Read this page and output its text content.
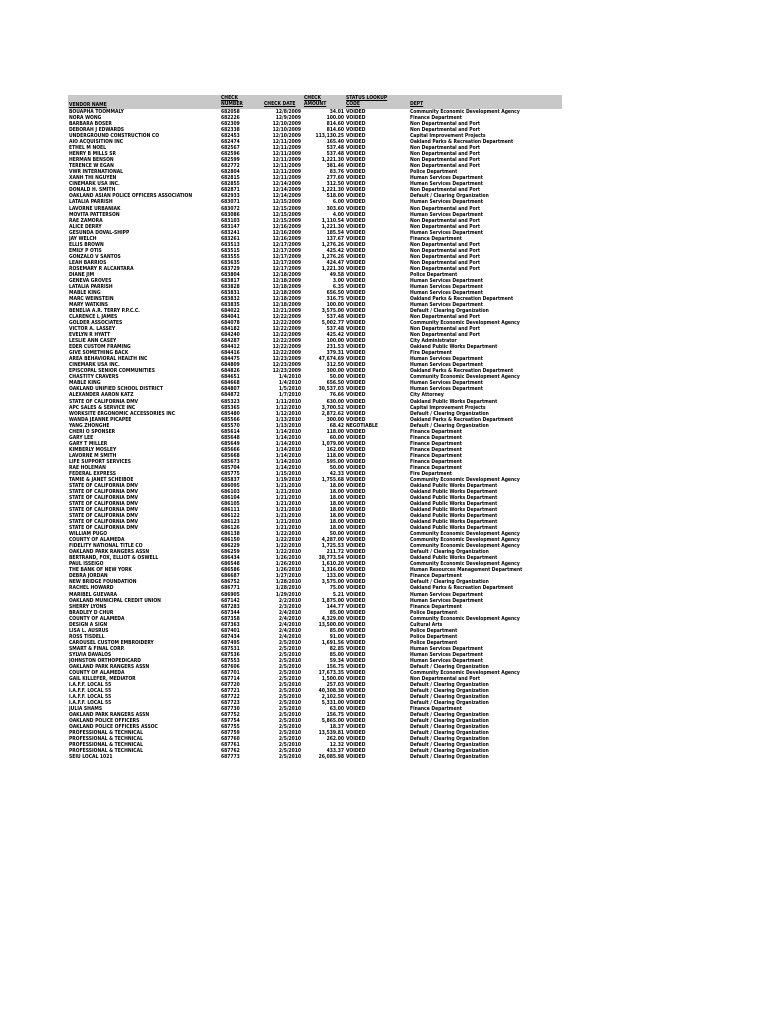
VENDOR NAME
CHECK
NUMBER	CHECK DATE
CHECK
AMOUNT
STATUS LOOKUP
CODE	DEPT
BOUAPHA TOOMMALY	682058	12/8/2009	34.01 VOIDED	Community Economic Development Agency
NORA WONG	682226	12/9/2009	100.00 VOIDED	Finance Department
BARBARA BOSER	682309	12/10/2009	814.60 VOIDED	Non Departmental and Port
DEBORAH J EDWARDS	682338	12/10/2009	814.60 VOIDED	Non Departmental and Port
UNDERGROUND CONSTRUCTION CO	682453	12/10/2009	113,130.25 VOIDED	Capital Improvement Projects
AIO ACQUISITION INC	682474	12/11/2009	165.40 VOIDED	Oakland Parks & Recreation Department
ETHEL M NOEL	682567	12/11/2009	537.48 VOIDED	Non Departmental and Port
HENRY B MILLS SR	682596	12/11/2009	537.48 VOIDED	Non Departmental and Port
HERMAN BENSON	682599	12/11/2009	1,221.30 VOIDED	Non Departmental and Port
TERENCE W EGAN	682772	12/11/2009	381.46 VOIDED	Non Departmental and Port
VWR INTERNATIONAL	682804	12/11/2009	83.76 VOIDED	Police Department
XANH THI NGUYEN	682815	12/11/2009	277.60 VOIDED	Human Services Department
CINEMARK USA INC.	682855	12/14/2009	312.50 VOIDED	Human Services Department
DONALD H. SMITH	682871	12/14/2009	1,221.30 VOIDED	Non Departmental and Port
OAKLAND ASIAN POLICE OFFICERS ASSOCIATION	682933	12/14/2009	518.00 VOIDED	Default / Clearing Organization
LATALIA PARRISH	683071	12/15/2009	6.00 VOIDED	Human Services Department
LAVORNE URBANIAK	683072	12/15/2009	303.60 VOIDED	Non Departmental and Port
MOVITA PATTERSON	683086	12/15/2009	4.00 VOIDED	Human Services Department
RAE ZAMORA	683103	12/15/2009	1,110.54 VOIDED	Non Departmental and Port
ALICE DERRY	683147	12/16/2009	1,221.30 VOIDED	Non Departmental and Port
GESUNDA DOVAL-SHIPP	683241	12/16/2009	185.54 VOIDED	Human Services Department
JAY WELCH	683261	12/16/2009	137.67 VOIDED	Finance Department
ELLIS BROWN	683513	12/17/2009	1,276.26 VOIDED	Non Departmental and Port
EMILY P OTIS	683515	12/17/2009	425.42 VOIDED	Non Departmental and Port
GONZALO V SANTOS	683555	12/17/2009	1,276.26 VOIDED	Non Departmental and Port
LEAH BARRIOS	683635	12/17/2009	424.47 VOIDED	Non Departmental and Port
ROSEMARY R ALCANTARA	683729	12/17/2009	1,221.30 VOIDED	Non Departmental and Port
DIANE JIM	683804	12/18/2009	49.58 VOIDED	Police Department
GENEVA GROVES	683817	12/18/2009	3.00 VOIDED	Human Services Department
LATALIA PARRISH	683828	12/18/2009	6.35 VOIDED	Human Services Department
MABLE KING	683831	12/18/2009	656.50 VOIDED	Human Services Department
MARC WEINSTEIN	683832	12/18/2009	316.75 VOIDED	Oakland Parks & Recreation Department
MARY WATKINS	683835	12/18/2009	100.00 VOIDED	Human Services Department
BENELIA A.R. TERRY P.P.C.C.	684022	12/21/2009	3,575.00 VOIDED	Default / Clearing Organization
CLARENCE L JAMES	684041	12/22/2009	537.48 VOIDED	Non Departmental and Port
GOLDER ASSOCIATES	684078	12/22/2009	5,002.77 VOIDED	Community Economic Development Agency
VICTOR A. LASSEY	684182	12/22/2009	537.48 VOIDED	Non Departmental and Port
EVELYN R HYATT	684240	12/22/2009	425.42 VOIDED	Non Departmental and Port
LESLIE ANN CASEY	684287	12/22/2009	100.00 VOIDED	City Administrator
EDER CUSTOM FRAMING	684412	12/22/2009	231.53 VOIDED	Oakland Public Works Department
GIVE SOMETHING BACK	684416	12/22/2009	379.31 VOIDED	Fire Department
AREA BEHAVIORAL HEALTH INC	684475	12/23/2009	47,674.69 VOIDED	Human Services Department
CINEMARK USA INC.	684809	12/23/2009	312.50 VOIDED	Human Services Department
EPISCOPAL SENIOR COMMUNITIES	684826	12/23/2009	300.00 VOIDED	Oakland Parks & Recreation Department
CHASTITY CRAVERS	684651	1/4/2010	50.00 VOIDED	Community Economic Development Agency
MABLE KING	684668	1/4/2010	656.50 VOIDED	Human Services Department
OAKLAND UNIFIED SCHOOL DISTRICT	684807	1/5/2010	30,537.03 VOIDED	Human Services Department
ALEXANDER AARON KATZ	684872	1/7/2010	76.66 VOIDED	City Attorney
STATE OF CALIFORNIA DMV	685323	1/11/2010	630.00 VOIDED	Oakland Public Works Department
APC SALES & SERVICE INC	685365	1/12/2010	3,700.52 VOIDED	Capital Improvement Projects
WORKSITE ERGONOMIC ACCESSORIES INC	685480	1/12/2010	2,872.62 VOIDED	Default / Clearing Organization
WANDA JEANNE PICAPEE	685566	1/13/2010	300.00 VOIDED	Oakland Parks & Recreation Department
YANG ZHONGHE	685570	1/13/2010	68.42 NEGOTIABLE	Default / Clearing Organization
CHERI O SPONSER	685614	1/14/2010	118.00 VOIDED	Finance Department
GARY LEE	685648	1/14/2010	60.00 VOIDED	Finance Department
GARY T MILLER	685649	1/14/2010	1,079.00 VOIDED	Finance Department
KIMBERLY MOSLEY	685666	1/14/2010	162.00 VOIDED	Finance Department
LAVORNE M SMITH	685668	1/14/2010	118.00 VOIDED	Finance Department
LIFE SUPPORT SERVICES	685673	1/14/2010	595.00 VOIDED	Finance Department
RAE HOLEMAN	685704	1/14/2010	50.00 VOIDED	Finance Department
FEDERAL EXPRESS	685775	1/15/2010	42.33 VOIDED	Fire Department
TAMIE & JANET SCHEIBOE	685837	1/19/2010	1,755.68 VOIDED	Community Economic Development Agency
STATE OF CALIFORNIA DMV	686095	1/21/2010	18.00 VOIDED	Oakland Public Works Department
STATE OF CALIFORNIA DMV	686103	1/21/2010	18.00 VOIDED	Oakland Public Works Department
STATE OF CALIFORNIA DMV	686104	1/21/2010	18.00 VOIDED	Oakland Public Works Department
STATE OF CALIFORNIA DMV	686105	1/21/2010	18.00 VOIDED	Oakland Public Works Department
STATE OF CALIFORNIA DMV	686111	1/21/2010	18.00 VOIDED	Oakland Public Works Department
STATE OF CALIFORNIA DMV	686122	1/21/2010	18.00 VOIDED	Oakland Public Works Department
STATE OF CALIFORNIA DMV	686123	1/21/2010	18.00 VOIDED	Oakland Public Works Department
STATE OF CALIFORNIA DMV	686126	1/21/2010	18.00 VOIDED	Oakland Public Works Department
WILLIAM PUGO	686138	1/22/2010	50.00 VOIDED	Community Economic Development Agency
COUNTY OF ALAMEDA	686150	1/22/2010	4,287.00 VOIDED	Community Economic Development Agency
FIDELITY NATIONAL TITLE CO	686229	1/22/2010	1,725.53 VOIDED	Community Economic Development Agency
OAKLAND PARK RANGERS ASSN	686259	1/22/2010	211.72 VOIDED	Default / Clearing Organization
BERTRAND, FOX, ELLIOT & OSWELL	686434	1/26/2010	38,773.54 VOIDED	Oakland Public Works Department
PAUL ISSEIGO	686548	1/26/2010	1,610.20 VOIDED	Community Economic Development Agency
THE BANK OF NEW YORK	686586	1/26/2010	1,316.00 VOIDED	Human Resources Management Department
DEBRA JORDAN	686687	1/27/2010	133.00 VOIDED	Finance Department
NEW BRIDGE FOUNDATION	686752	1/28/2010	3,575.00 VOIDED	Default / Clearing Organization
RACHEL HOWARD	686771	1/28/2010	75.00 VOIDED	Oakland Parks & Recreation Department
MARIBEL GUEVARA	686905	1/29/2010	5.21 VOIDED	Human Services Department
OAKLAND MUNICIPAL CREDIT UNION	687142	2/2/2010	1,875.00 VOIDED	Human Services Department
SHERRY LYONS	687283	2/3/2010	144.77 VOIDED	Finance Department
BRADLEY D CHUR	687344	2/4/2010	85.00 VOIDED	Police Department
COUNTY OF ALAMEDA	687358	2/4/2010	4,329.00 VOIDED	Community Economic Development Agency
DESIGN A SIGN	687363	2/4/2010	13,500.00 VOIDED	Cultural Arts
LISA L. AUSRUS	687401	2/4/2010	85.00 VOIDED	Police Department
ROSS TISDELL	687434	2/4/2010	91.00 VOIDED	Police Department
CAROUSEL CUSTOM EMBROIDERY	687495	2/5/2010	1,691.56 VOIDED	Police Department
SMART & FINAL CORP.	687531	2/5/2010	82.85 VOIDED	Human Services Department
SYLVIA DAVALOS	687536	2/5/2010	85.00 VOIDED	Human Services Department
JOHNSTON ORTHOPEDICARD	687553	2/5/2010	59.34 VOIDED	Human Services Department
OAKLAND PARK RANGERS ASSN	687606	2/5/2010	156.75 VOIDED	Default / Clearing Organization
COUNTY OF ALAMEDA	687701	2/5/2010	17,673.35 VOIDED	Community Economic Development Agency
GAIL KILLEFER, MEDIATOR	687714	2/5/2010	1,500.00 VOIDED	Non Departmental and Port
I.A.F.F. LOCAL 55	687720	2/5/2010	257.03 VOIDED	Default / Clearing Organization
I.A.F.F. LOCAL 55	687721	2/5/2010	40,308.38 VOIDED	Default / Clearing Organization
I.A.F.F. LOCAL 55	687722	2/5/2010	2,102.50 VOIDED	Default / Clearing Organization
I.A.F.F. LOCAL 55	687723	2/5/2010	5,331.00 VOIDED	Default / Clearing Organization
JULIA SHAMS	687730	2/5/2010	63.00 VOIDED	Finance Department
OAKLAND PARK RANGERS ASSN	687752	2/5/2010	156.75 VOIDED	Default / Clearing Organization
OAKLAND POLICE OFFICERS	687754	2/5/2010	5,865.00 VOIDED	Default / Clearing Organization
OAKLAND POLICE OFFICERS ASSOC	687755	2/5/2010	18.37 VOIDED	Default / Clearing Organization
PROFESSIONAL & TECHNICAL	687759	2/5/2010	13,539.81 VOIDED	Default / Clearing Organization
PROFESSIONAL & TECHNICAL	687760	2/5/2010	262.00 VOIDED	Default / Clearing Organization
PROFESSIONAL & TECHNICAL	687761	2/5/2010	12.32 VOIDED	Default / Clearing Organization
PROFESSIONAL & TECHNICAL	687762	2/5/2010	433.37 VOIDED	Default / Clearing Organization
SEIU LOCAL 1021	687773	2/5/2010	26,085.98 VOIDED	Default / Clearing Organization
